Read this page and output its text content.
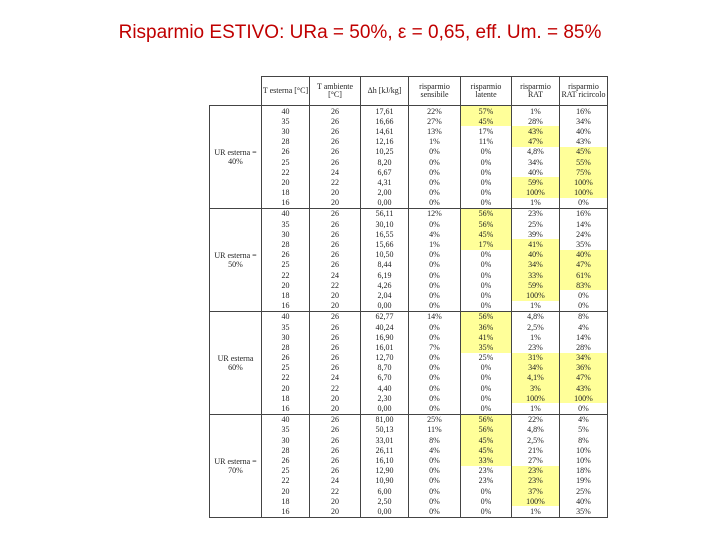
Risparmio ESTIVO: URa = 50%, ε = 0,65, eff. Um. = 85%
	T esterna [°C]	T ambiente [°C]	Δh [kJ/kg]	risparmio sensibile	risparmio latente	risparmio RAT	risparmio RAT ricircolo
UR esterna = 40%	40	26	17,61	22%	57%	1%	16%
	35	26	16,66	27%	45%	28%	34%
	30	26	14,61	13%	17%	43%	40%
	28	26	12,16	1%	11%	47%	43%
	26	26	10,25	0%	0%	4,8%	45%
	25	26	8,20	0%	0%	34%	55%
	22	24	6,67	0%	0%	40%	75%
	20	22	4,31	0%	0%	59%	100%
	18	20	2,00	0%	0%	100%	100%
	16	20	0,00	0%	0%	1%	0%
UR esterna = 50%	40	26	56,11	12%	56%	23%	16%
	35	26	30,10	0%	56%	25%	14%
	30	26	16,55	4%	45%	39%	24%
	28	26	15,66	1%	17%	41%	35%
	26	26	10,50	0%	0%	40%	40%
	25	26	8,44	0%	0%	34%	47%
	22	24	6,19	0%	0%	33%	61%
	20	22	4,26	0%	0%	59%	83%
	18	20	2,04	0%	0%	100%	0%
	16	20	0,00	0%	0%	1%	0%
UR esterna 60%	40	26	62,77	14%	56%	4,8%	8%
	35	26	40,24	0%	36%	2,5%	4%
	30	26	16,90	0%	41%	1%	14%
	28	26	16,01	7%	35%	23%	28%
	26	26	12,70	0%	25%	31%	34%
	25	26	8,70	0%	0%	34%	36%
	22	24	6,70	0%	0%	4,1%	47%
	20	22	4,40	0%	0%	3%	43%
	18	20	2,30	0%	0%	100%	100%
	16	20	0,00	0%	0%	1%	0%
UR esterna = 70%	40	26	81,00	25%	56%	22%	4%
	35	26	50,13	11%	56%	4,8%	5%
	30	26	33,01	8%	45%	2,5%	8%
	28	26	26,11	4%	45%	21%	10%
	26	26	16,10	0%	33%	27%	10%
	25	26	12,90	0%	23%	23%	18%
	22	24	10,90	0%	23%	23%	19%
	20	22	6,00	0%	0%	37%	25%
	18	20	2,50	0%	0%	100%	40%
	16	20	0,00	0%	0%	1%	35%
